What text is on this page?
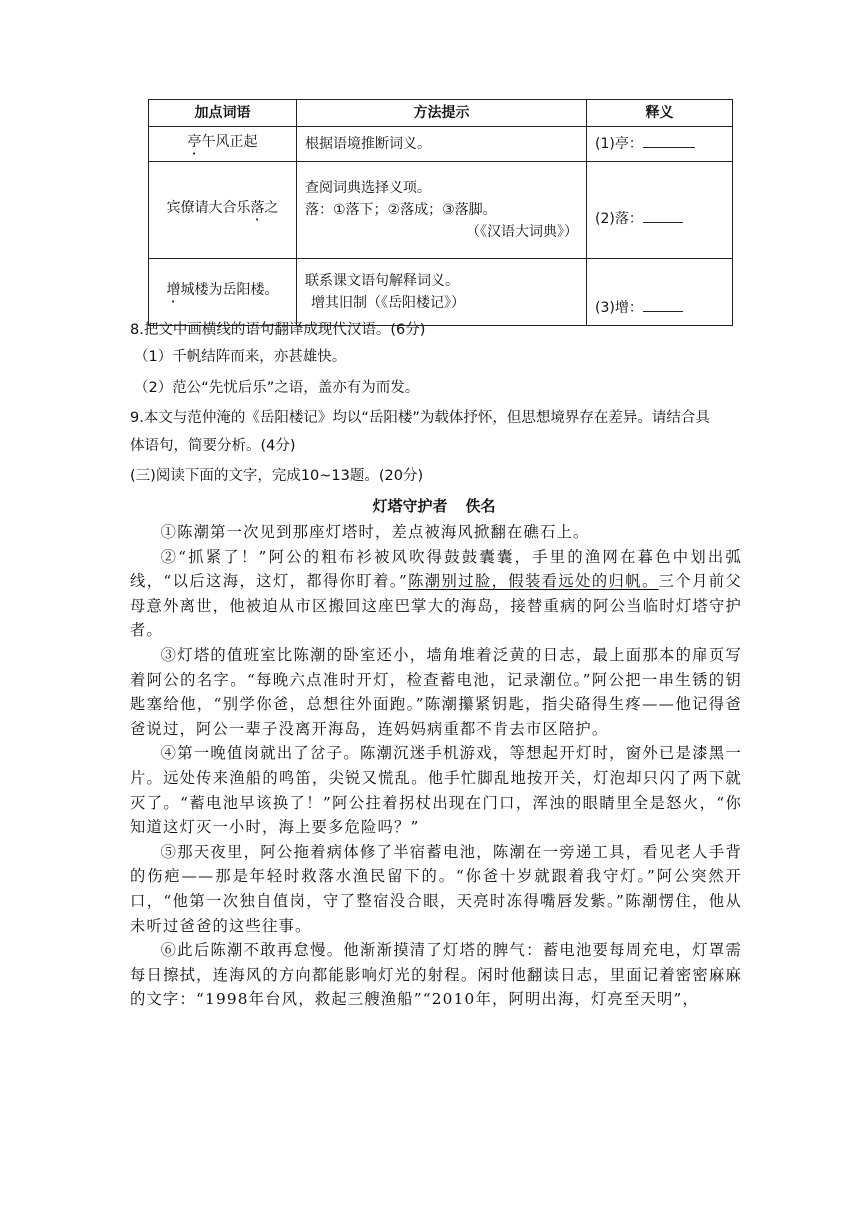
加点词语	方法提示	释义
亭午风正起	根据语境推断词义。	(1)亭：
宾僚请大合乐落之	查阅词典选择义项。
落：①落下；②落成；③落脚。
（《汉语大词典》）	(2)落：
增城楼为岳阳楼。	联系课文语句解释词义。
增其旧制（《岳阳楼记》）	(3)增：
8.把文中画横线的语句翻译成现代汉语。(6分)
（1）千帆结阵而来，亦甚雄快。
（2）范公“先忧后乐”之语，盖亦有为而发。
9.本文与范仲淹的《岳阳楼记》均以“岳阳楼”为载体抒怀，但思想境界存在差异。请结合具
体语句，简要分析。(4分)
(三)阅读下面的文字，完成10~13题。(20分)
灯塔守护者 佚名

①陈潮第一次见到那座灯塔时，差点被海风掀翻在礁石上。

②“抓紧了！”阿公的粗布衫被风吹得鼓鼓囊囊，手里的渔网在暮色中划出弧线，“以后这海，这灯，都得你盯着。”陈潮别过脸，假装看远处的归帆。三个月前父母意外离世，他被迫从市区搬回这座巴掌大的海岛，接替重病的阿公当临时灯塔守护者。

③灯塔的值班室比陈潮的卧室还小，墙角堆着泛黄的日志，最上面那本的扉页写着阿公的名字。“每晚六点准时开灯，检查蓄电池，记录潮位。”阿公把一串生锈的钥匙塞给他，“别学你爸，总想往外面跑。”陈潮攥紧钥匙，指尖硌得生疼——他记得爸爸说过，阿公一辈子没离开海岛，连妈妈病重都不肯去市区陪护。

④第一晚值岗就出了岔子。陈潮沉迷手机游戏，等想起开灯时，窗外已是漆黑一片。远处传来渔船的鸣笛，尖锐又慌乱。他手忙脚乱地按开关，灯泡却只闪了两下就灭了。“蓄电池早该换了！”阿公拄着拐杖出现在门口，浑浊的眼睛里全是怒火，“你知道这灯灭一小时，海上要多危险吗？”

⑤那天夜里，阿公拖着病体修了半宿蓄电池，陈潮在一旁递工具，看见老人手背的伤疤——那是年轻时救落水渔民留下的。“你爸十岁就跟着我守灯。”阿公突然开口，“他第一次独自值岗，守了整宿没合眼，天亮时冻得嘴唇发紫。”陈潮愣住，他从未听过爸爸的这些往事。

⑥此后陈潮不敢再怠慢。他渐渐摸清了灯塔的脾气：蓄电池要每周充电，灯罩需每日擦拭，连海风的方向都能影响灯光的射程。闲时他翻读日志，里面记着密密麻麻的文字：“1998年台风，救起三艘渔船”“2010年，阿明出海，灯亮至天明”，
